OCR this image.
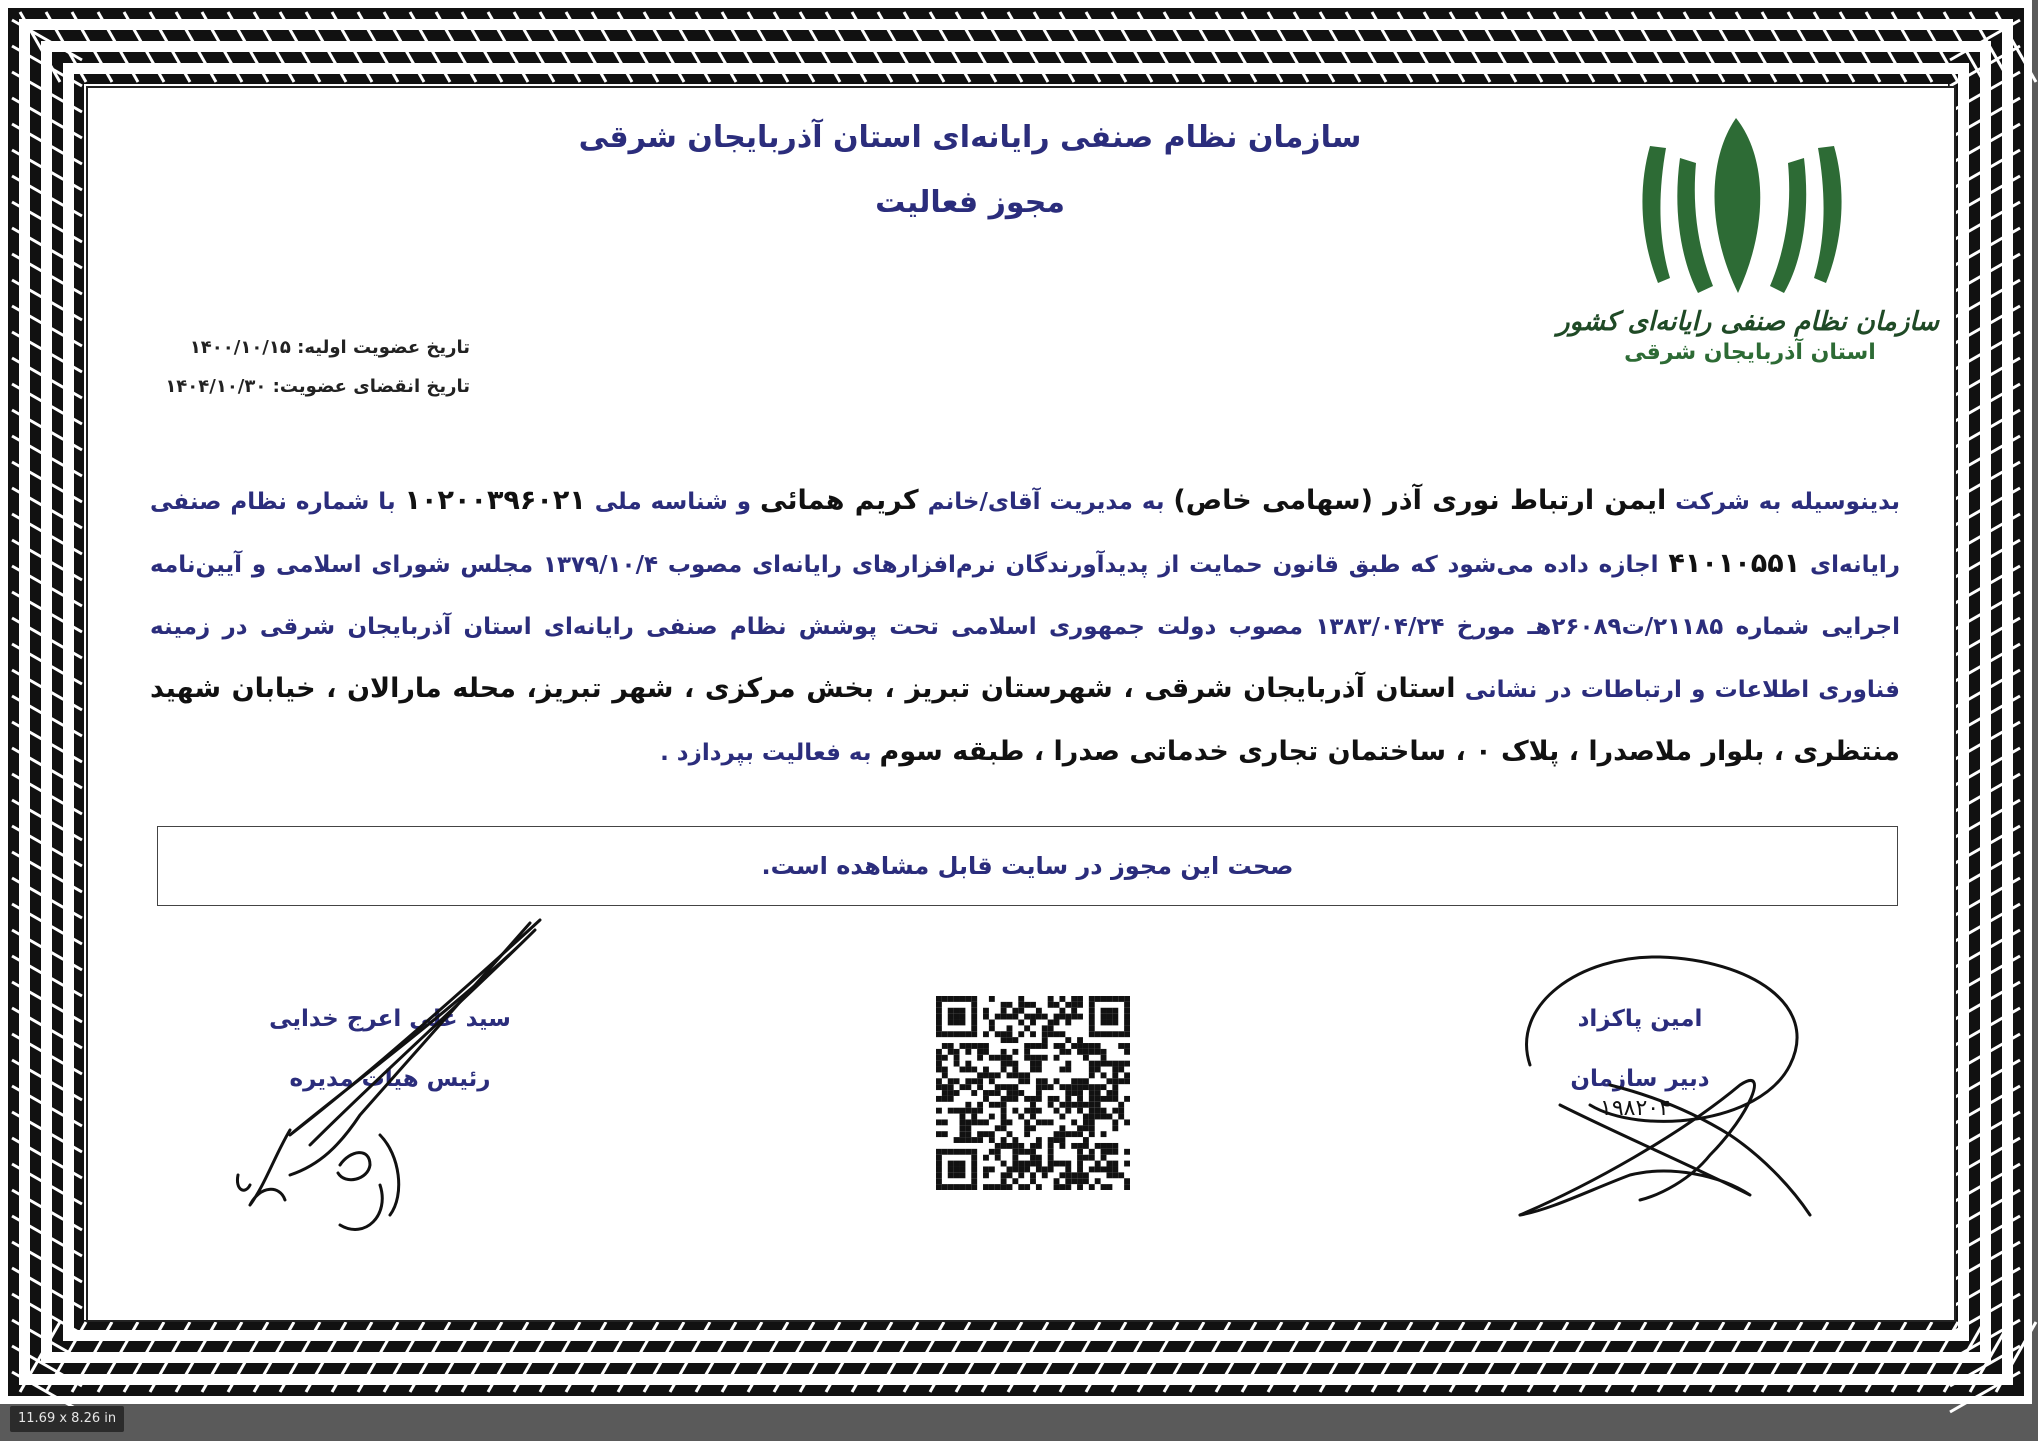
سازمان نظام صنفی رایانه‌ای استان آذربایجان شرقی
مجوز فعالیت
سازمان نظام صنفی رایانه‌ای کشور
استان آذربایجان شرقی
تاریخ عضویت اولیه: ۱۴۰۰/۱۰/۱۵
تاریخ انقضای عضویت: ۱۴۰۴/۱۰/۳۰
بدینوسیله به شرکت ایمن ارتباط نوری آذر (سهامی خاص) به مدیریت آقای/خانم کریم همائی و شناسه ملی ۱۰۲۰۰۳۹۶۰۲۱ با شماره نظام صنفی رایانه‌ای ۴۱۰۱۰۵۵۱ اجازه داده می‌شود که طبق قانون حمایت از پدیدآورندگان نرم‌افزارهای رایانه‌ای مصوب ۱۳۷۹/۱۰/۴ مجلس شورای اسلامی و آیین‌نامه اجرایی شماره ۲۱۱۸۵/ت۲۶۰۸۹هـ مورخ ۱۳۸۳/۰۴/۲۴ مصوب دولت جمهوری اسلامی تحت پوشش نظام صنفی رایانه‌ای استان آذربایجان شرقی در زمینه فناوری اطلاعات و ارتباطات در نشانی استان آذربایجان شرقی ، شهرستان تبریز ، بخش مرکزی ، شهر تبریز، محله مارالان ، خیابان شهید منتظری ، بلوار ملاصدرا ، پلاک ۰ ، ساختمان تجاری خدماتی صدرا ، طبقه سوم به فعالیت بپردازد .
صحت این مجوز در سایت قابل مشاهده است.
سید علی اعرج خدایی
رئیس هیات مدیره
امین پاکزاد
دبیر سازمان
۱۹۸۲۰۴
11.69 x 8.26 in
